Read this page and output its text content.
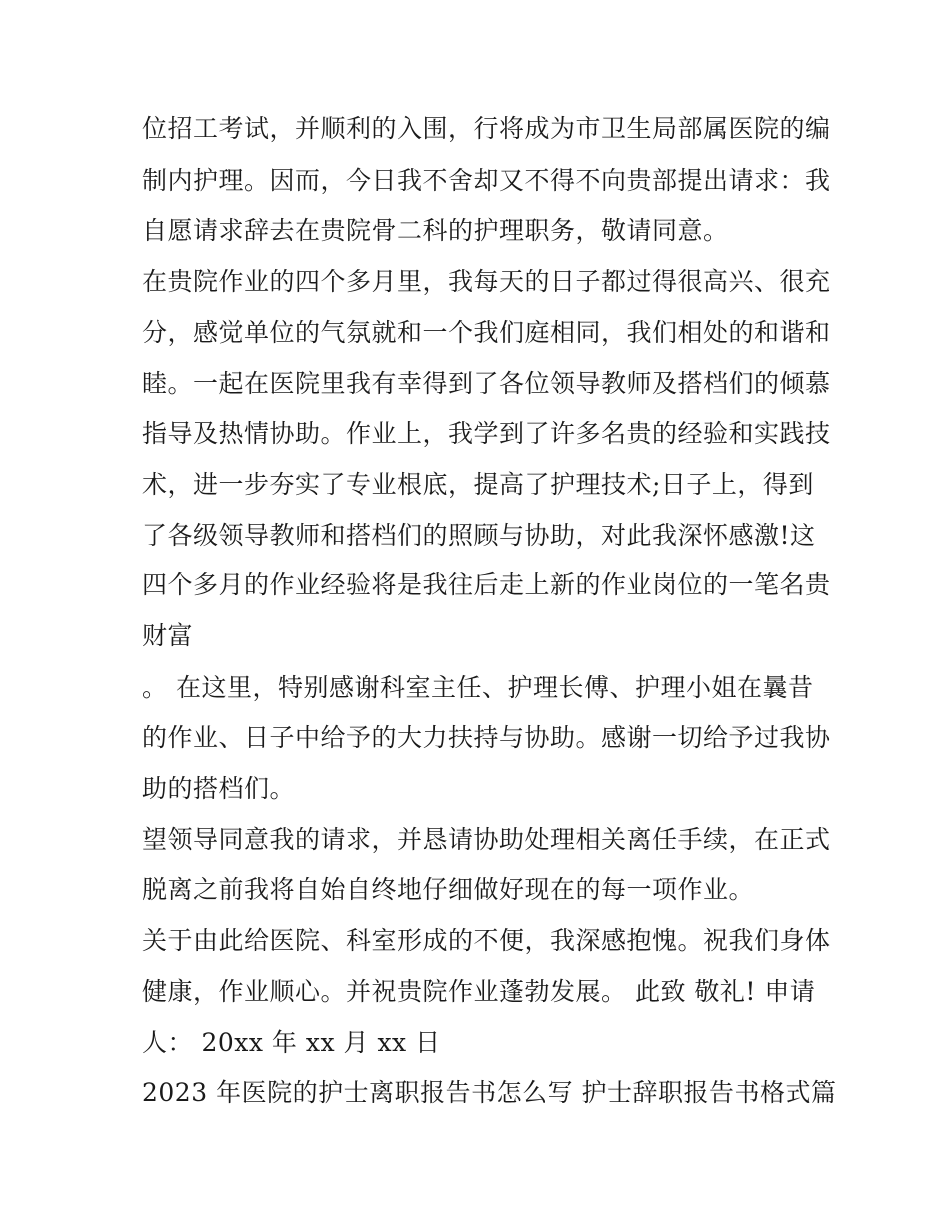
位招工考试，并顺利的入围，行将成为市卫生局部属医院的编
制内护理。因而，今日我不舍却又不得不向贵部提出请求：我
自愿请求辞去在贵院骨二科的护理职务，敬请同意。
在贵院作业的四个多月里，我每天的日子都过得很高兴、很充
分，感觉单位的气氛就和一个我们庭相同，我们相处的和谐和
睦。一起在医院里我有幸得到了各位领导教师及搭档们的倾慕
指导及热情协助。作业上，我学到了许多名贵的经验和实践技
术，进一步夯实了专业根底，提高了护理技术;日子上，得到
了各级领导教师和搭档们的照顾与协助，对此我深怀感激!这
四个多月的作业经验将是我往后走上新的作业岗位的一笔名贵
财富
。 在这里，特别感谢科室主任、护理长傅、护理小姐在曩昔
的作业、日子中给予的大力扶持与协助。感谢一切给予过我协
助的搭档们。
望领导同意我的请求，并恳请协助处理相关离任手续，在正式
脱离之前我将自始自终地仔细做好现在的每一项作业。
关于由此给医院、科室形成的不便，我深感抱愧。祝我们身体
健康，作业顺心。并祝贵院作业蓬勃发展。 此致 敬礼! 申请
人： 20xx 年 xx 月 xx 日
2023 年医院的护士离职报告书怎么写 护士辞职报告书格式篇
